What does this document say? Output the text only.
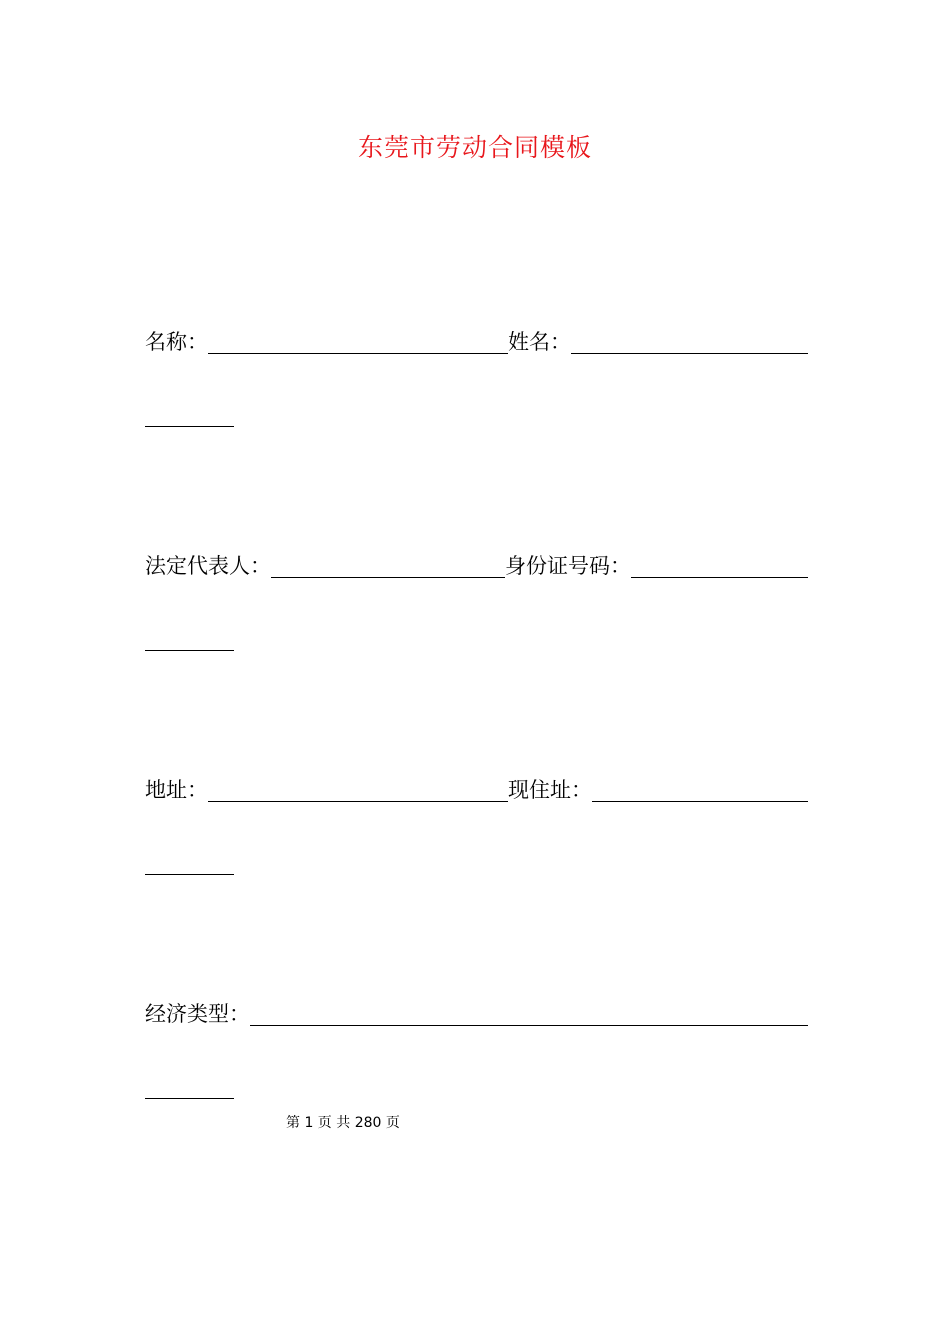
东莞市劳动合同模板
名称：	姓名：
法定代表人：	身份证号码：
地址：	现住址：
经济类型：
第 1 页 共 280 页
